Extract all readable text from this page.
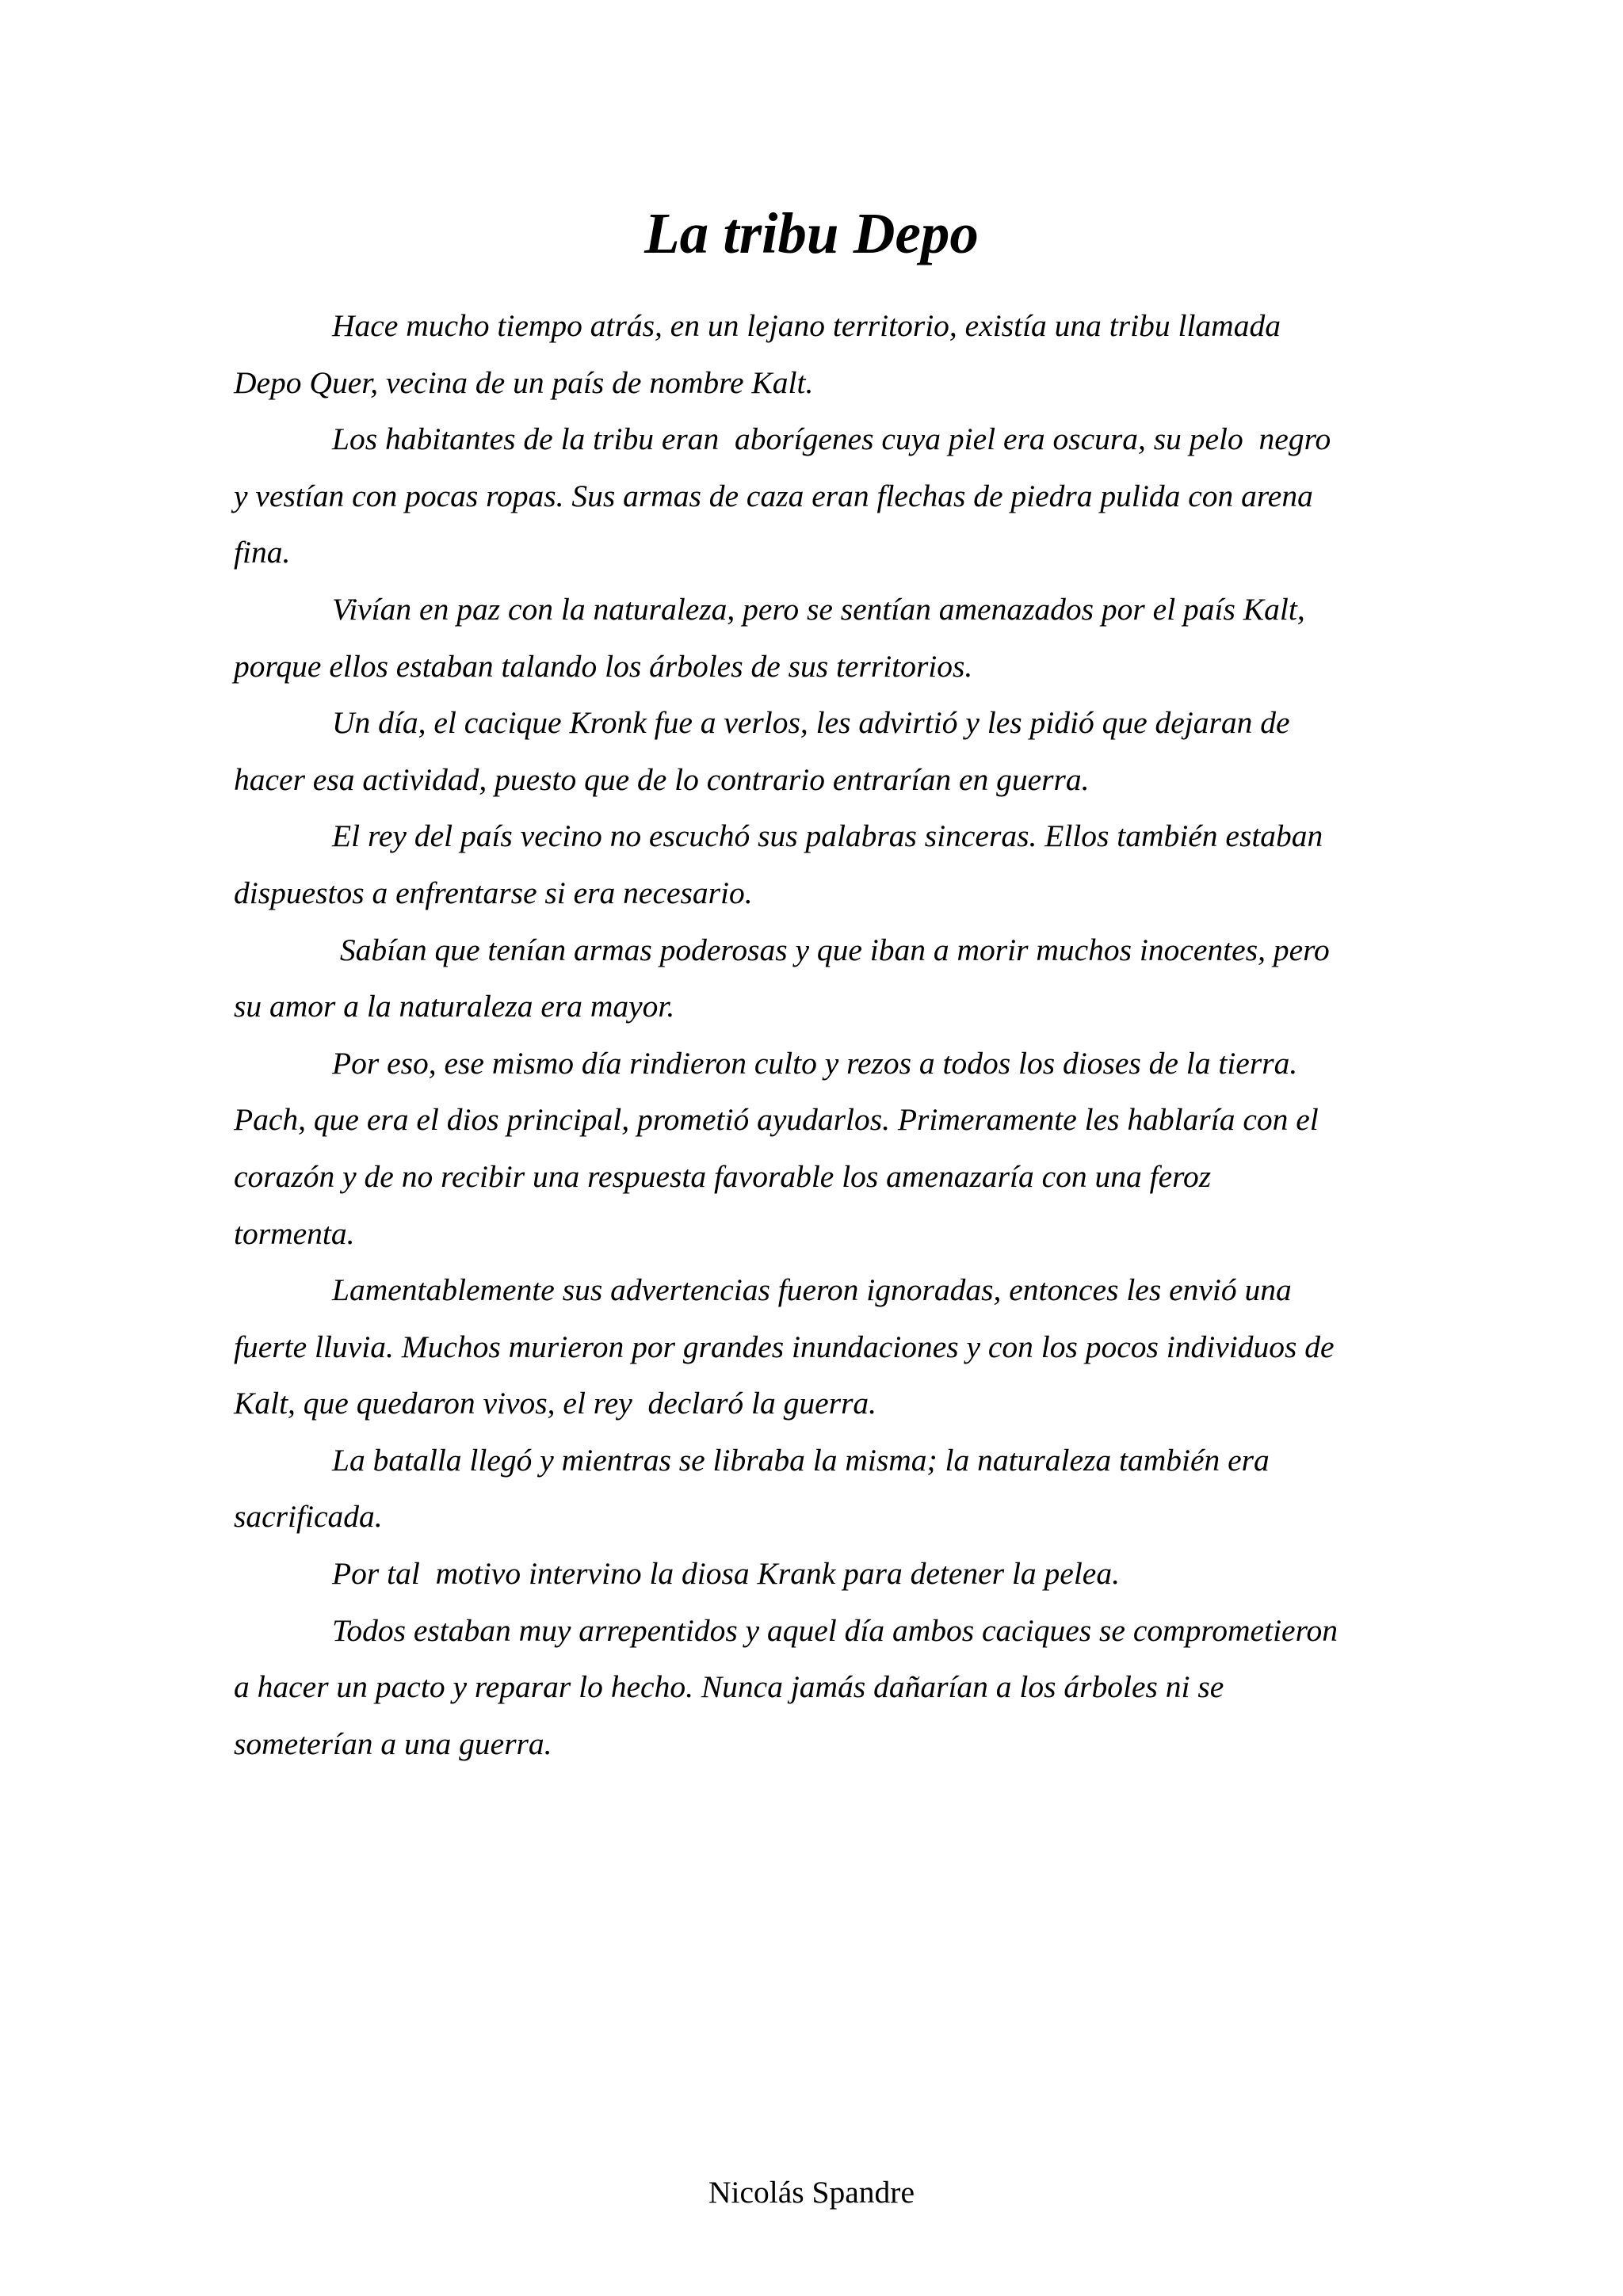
La tribu Depo

Hace mucho tiempo atrás, en un lejano territorio, existía una tribu llamada
Depo Quer, vecina de un país de nombre Kalt.

Los habitantes de la tribu eran  aborígenes cuya piel era oscura, su pelo  negro
y vestían con pocas ropas. Sus armas de caza eran flechas de piedra pulida con arena
fina.

Vivían en paz con la naturaleza, pero se sentían amenazados por el país Kalt,
porque ellos estaban talando los árboles de sus territorios.

Un día, el cacique Kronk fue a verlos, les advirtió y les pidió que dejaran de
hacer esa actividad, puesto que de lo contrario entrarían en guerra.

El rey del país vecino no escuchó sus palabras sinceras. Ellos también estaban
dispuestos a enfrentarse si era necesario.

Sabían que tenían armas poderosas y que iban a morir muchos inocentes, pero
su amor a la naturaleza era mayor.

Por eso, ese mismo día rindieron culto y rezos a todos los dioses de la tierra.
Pach, que era el dios principal, prometió ayudarlos. Primeramente les hablaría con el
corazón y de no recibir una respuesta favorable los amenazaría con una feroz
tormenta.

Lamentablemente sus advertencias fueron ignoradas, entonces les envió una
fuerte lluvia. Muchos murieron por grandes inundaciones y con los pocos individuos de
Kalt, que quedaron vivos, el rey  declaró la guerra.

La batalla llegó y mientras se libraba la misma; la naturaleza también era
sacrificada.

Por tal  motivo intervino la diosa Krank para detener la pelea.

Todos estaban muy arrepentidos y aquel día ambos caciques se comprometieron
a hacer un pacto y reparar lo hecho. Nunca jamás dañarían a los árboles ni se
someterían a una guerra.

Nicolás Spandre
